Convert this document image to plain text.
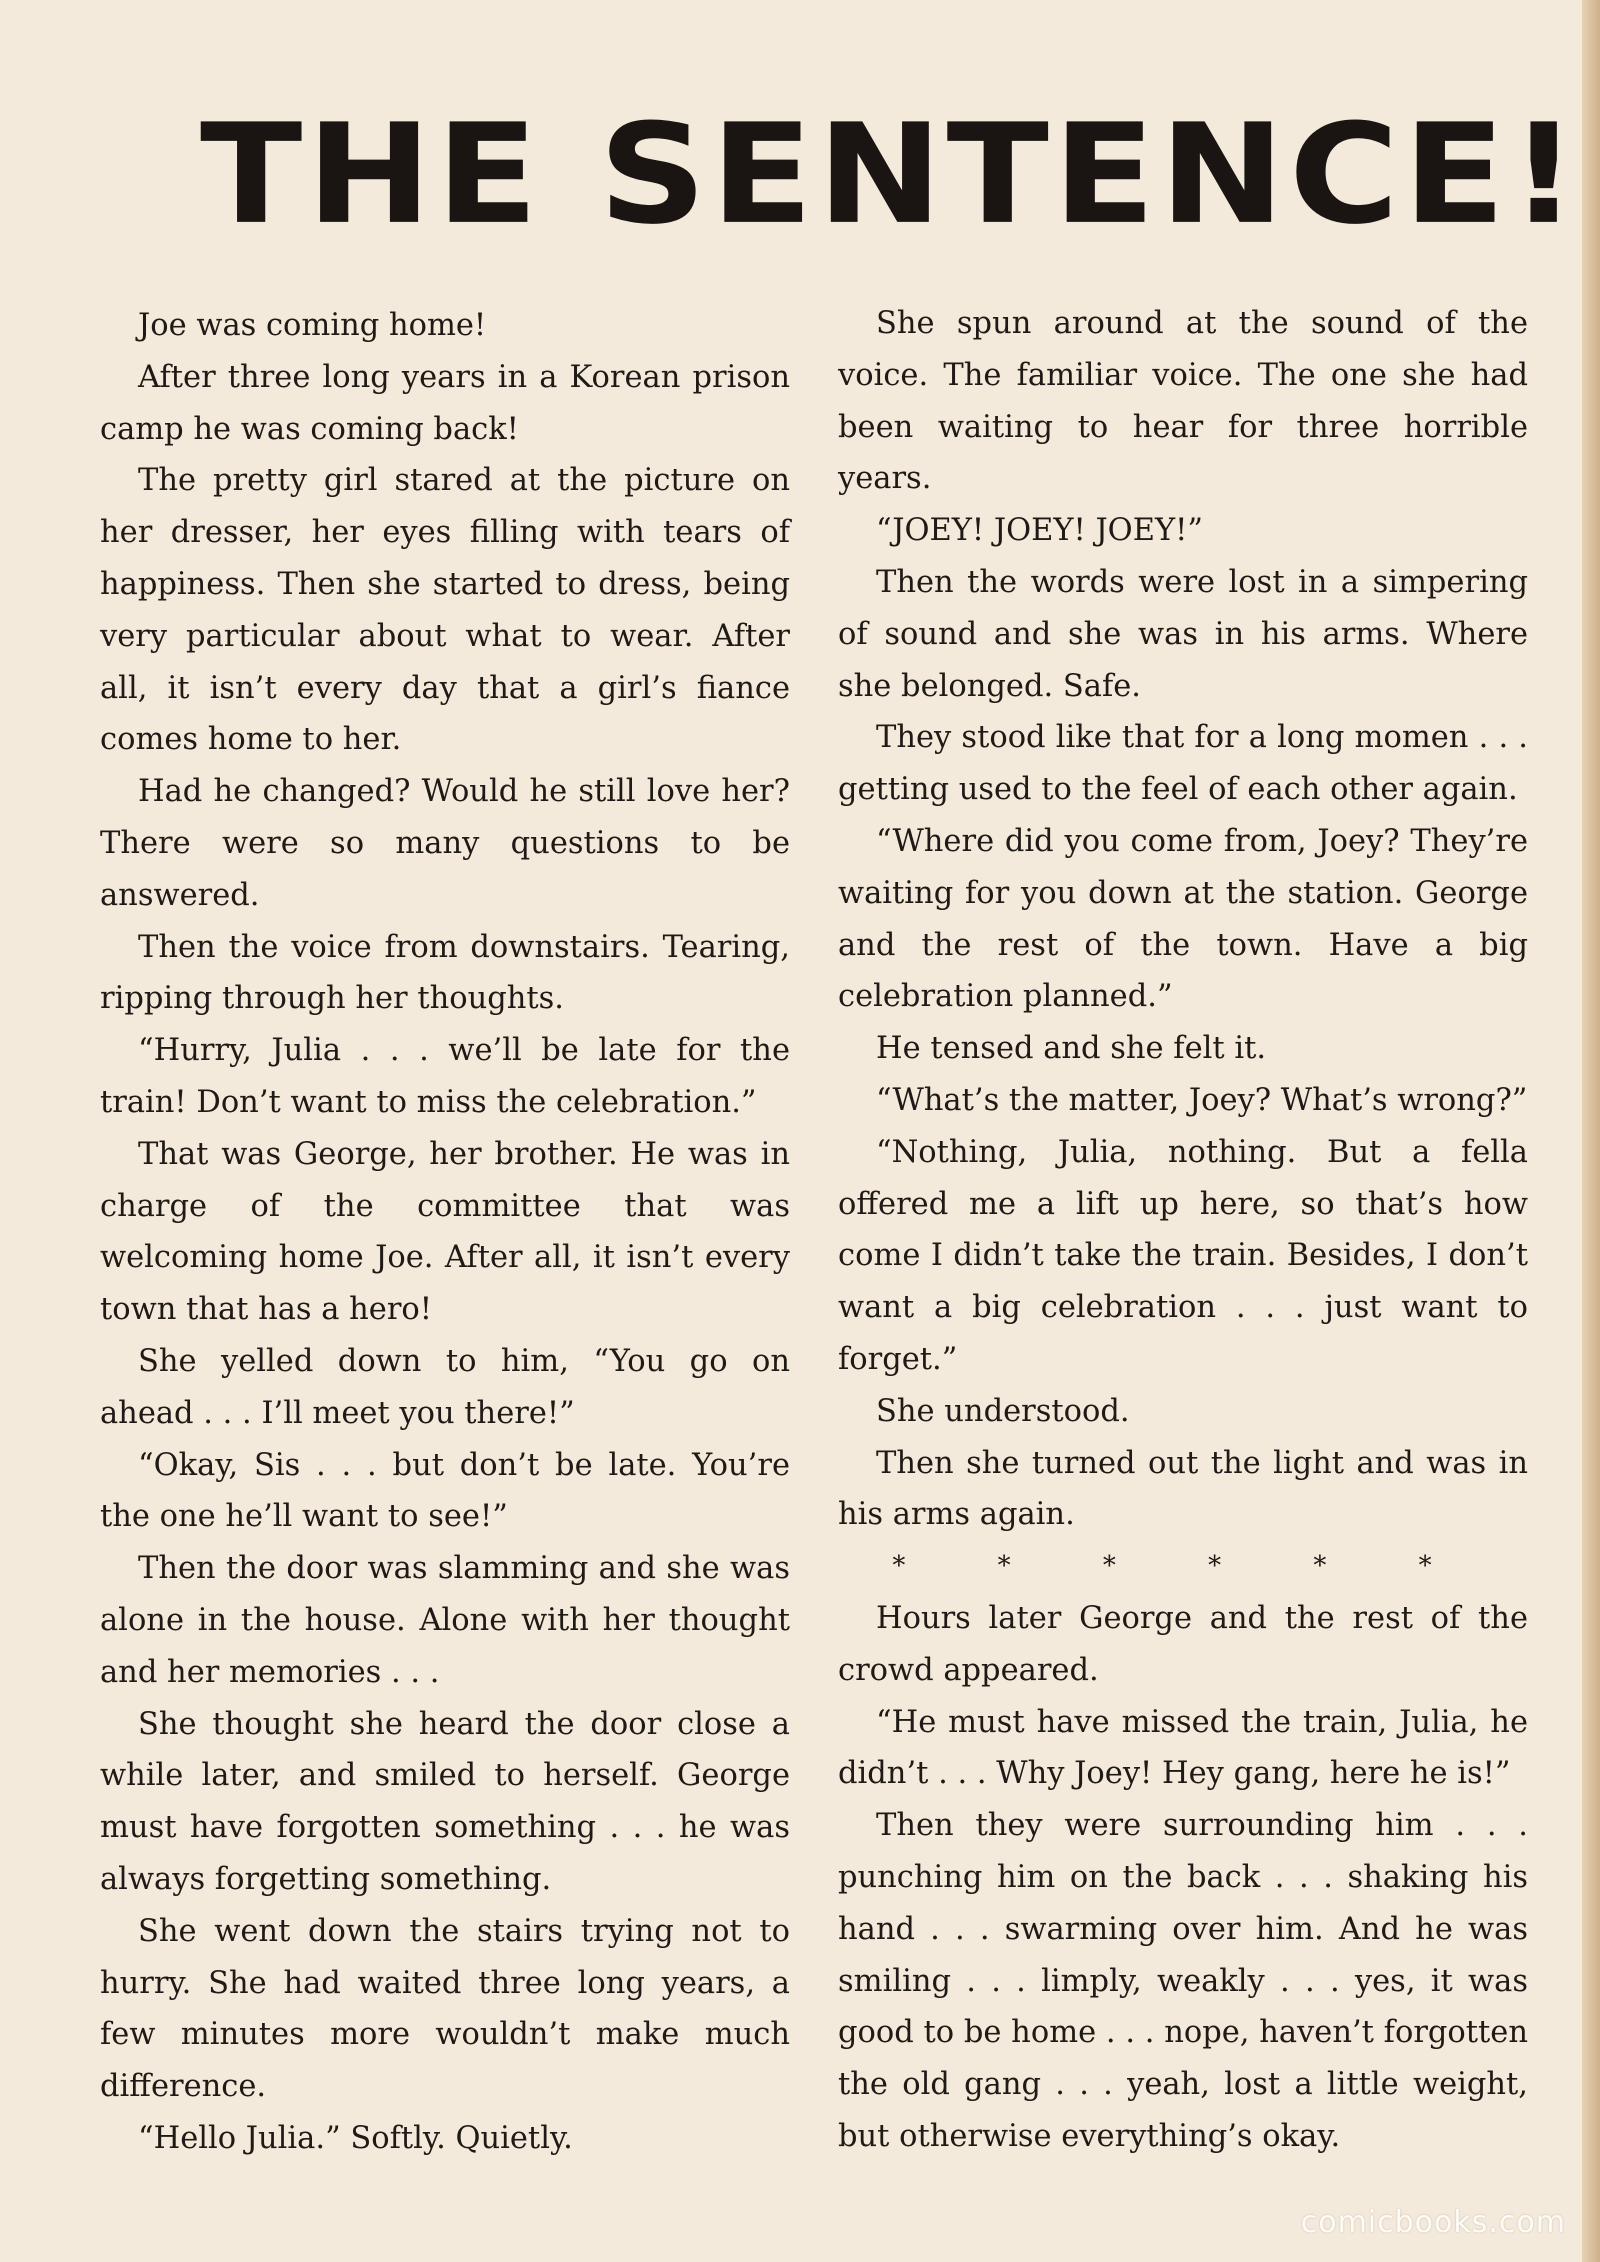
THE SENTENCE!

Joe was coming home!

After three long years in a Korean prison camp he was coming back!

The pretty girl stared at the picture on her dresser, her eyes filling with tears of happiness. Then she started to dress, being very particular about what to wear. After all, it isn’t every day that a girl’s fiance comes home to her.

Had he changed? Would he still love her? There were so many questions to be answered.

Then the voice from downstairs. Tearing, ripping through her thoughts.

“Hurry, Julia . . . we’ll be late for the train! Don’t want to miss the celebration.”

That was George, her brother. He was in charge of the committee that was welcoming home Joe. After all, it isn’t every town that has a hero!

She yelled down to him, “You go on ahead . . . I’ll meet you there!”

“Okay, Sis . . . but don’t be late. You’re the one he’ll want to see!”

Then the door was slamming and she was alone in the house. Alone with her thought and her memories . . .

She thought she heard the door close a while later, and smiled to herself. George must have forgotten something . . . he was always forgetting something.

She went down the stairs trying not to hurry. She had waited three long years, a few minutes more wouldn’t make much difference.

“Hello Julia.” Softly. Quietly.

She spun around at the sound of the voice. The familiar voice. The one she had been waiting to hear for three horrible years.

“JOEY! JOEY! JOEY!”

Then the words were lost in a simpering of sound and she was in his arms. Where she belonged. Safe.

They stood like that for a long momen . . . getting used to the feel of each other again.

“Where did you come from, Joey? They’re waiting for you down at the station. George and the rest of the town. Have a big celebration planned.”

He tensed and she felt it.

“What’s the matter, Joey? What’s wrong?”

“Nothing, Julia, nothing. But a fella offered me a lift up here, so that’s how come I didn’t take the train. Besides, I don’t want a big celebration . . . just want to forget.”

She understood.

Then she turned out the light and was in his arms again.

* * * * * *

Hours later George and the rest of the crowd appeared.

“He must have missed the train, Julia, he didn’t . . . Why Joey! Hey gang, here he is!”

Then they were surrounding him . . . punching him on the back . . . shaking his hand . . . swarming over him. And he was smiling . . . limply, weakly . . . yes, it was good to be home . . . nope, haven’t forgotten the old gang . . . yeah, lost a little weight, but otherwise everything’s okay.

comicbooks.com
